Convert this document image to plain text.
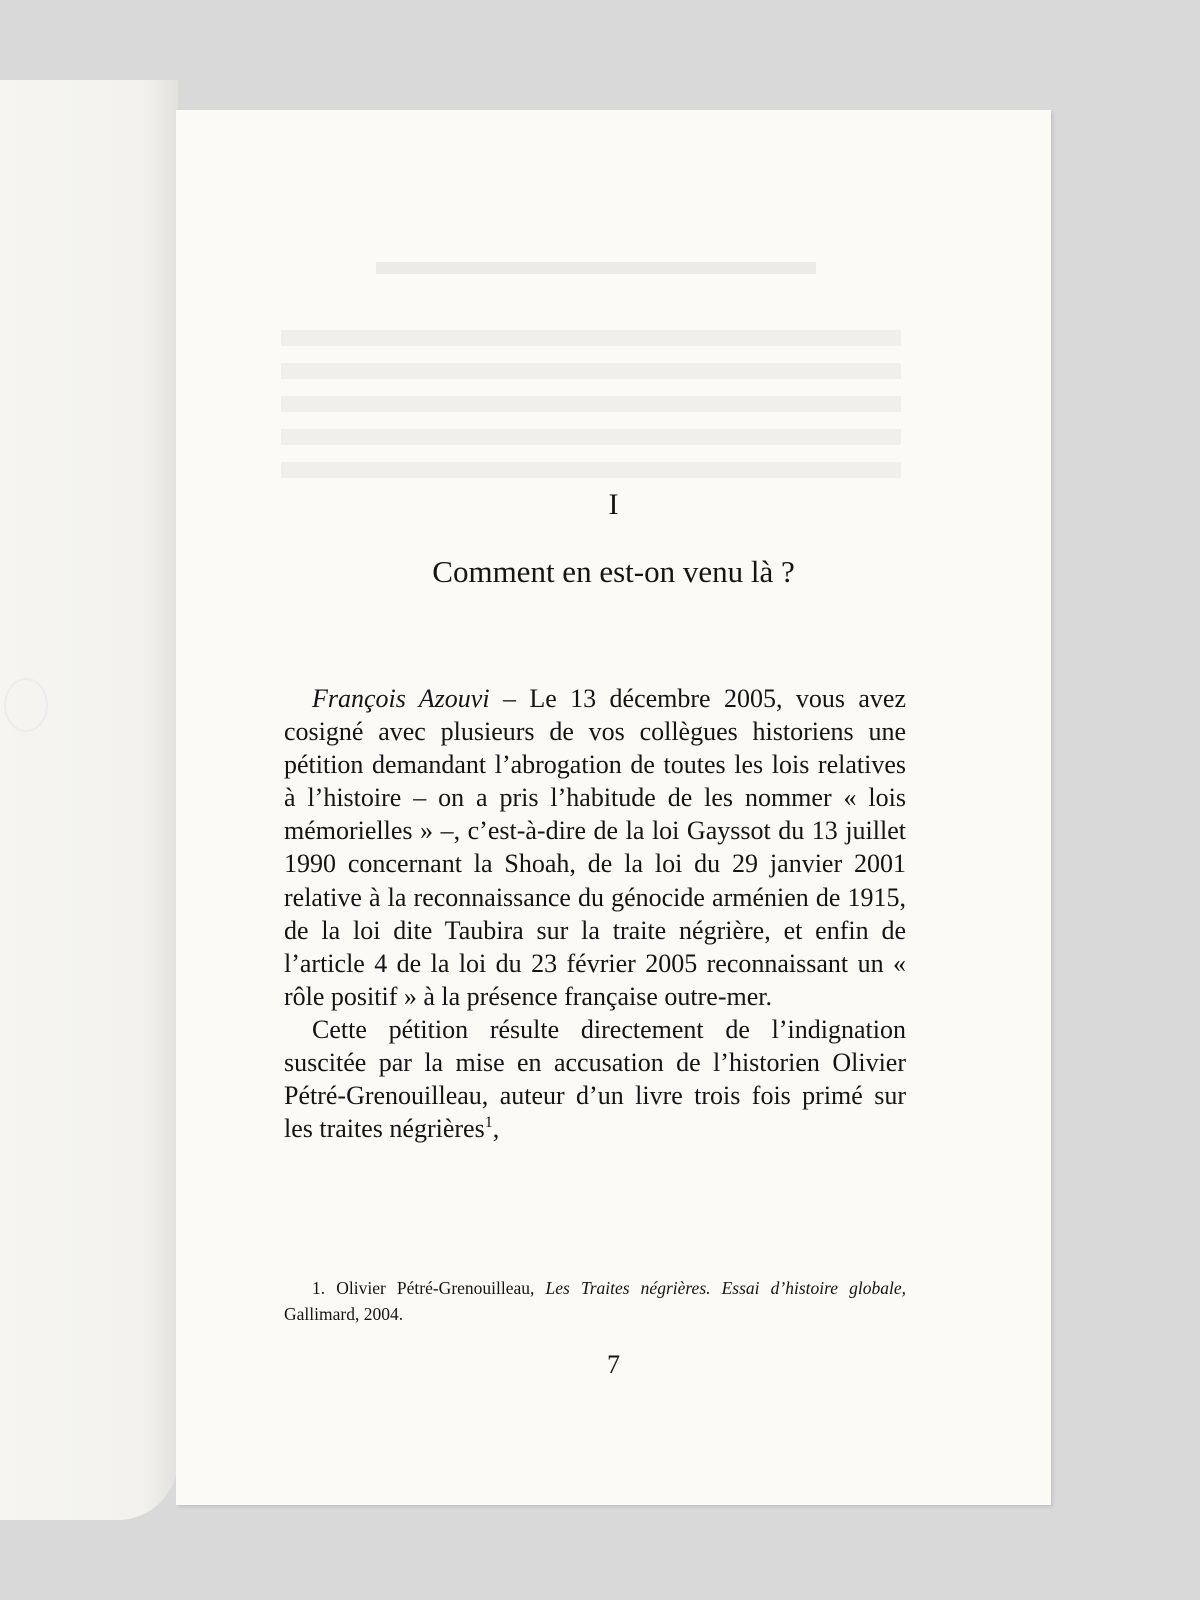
I
Comment en est-on venu là ?

François Azouvi – Le 13 décembre 2005, vous avez cosigné avec plusieurs de vos collègues historiens une pétition demandant l’abrogation de toutes les lois relatives à l’histoire – on a pris l’habitude de les nommer « lois mémorielles » –, c’est-à-dire de la loi Gayssot du 13 juillet 1990 concernant la Shoah, de la loi du 29 janvier 2001 relative à la reconnaissance du génocide arménien de 1915, de la loi dite Taubira sur la traite négrière, et enfin de l’article 4 de la loi du 23 février 2005 reconnaissant un « rôle positif » à la présence française outre-mer.

Cette pétition résulte directement de l’indignation suscitée par la mise en accusation de l’historien Olivier Pétré-Grenouilleau, auteur d’un livre trois fois primé sur les traites négrières$^1$,

1. Olivier Pétré-Grenouilleau, Les Traites négrières. Essai d’histoire globale, Gallimard, 2004.

7
